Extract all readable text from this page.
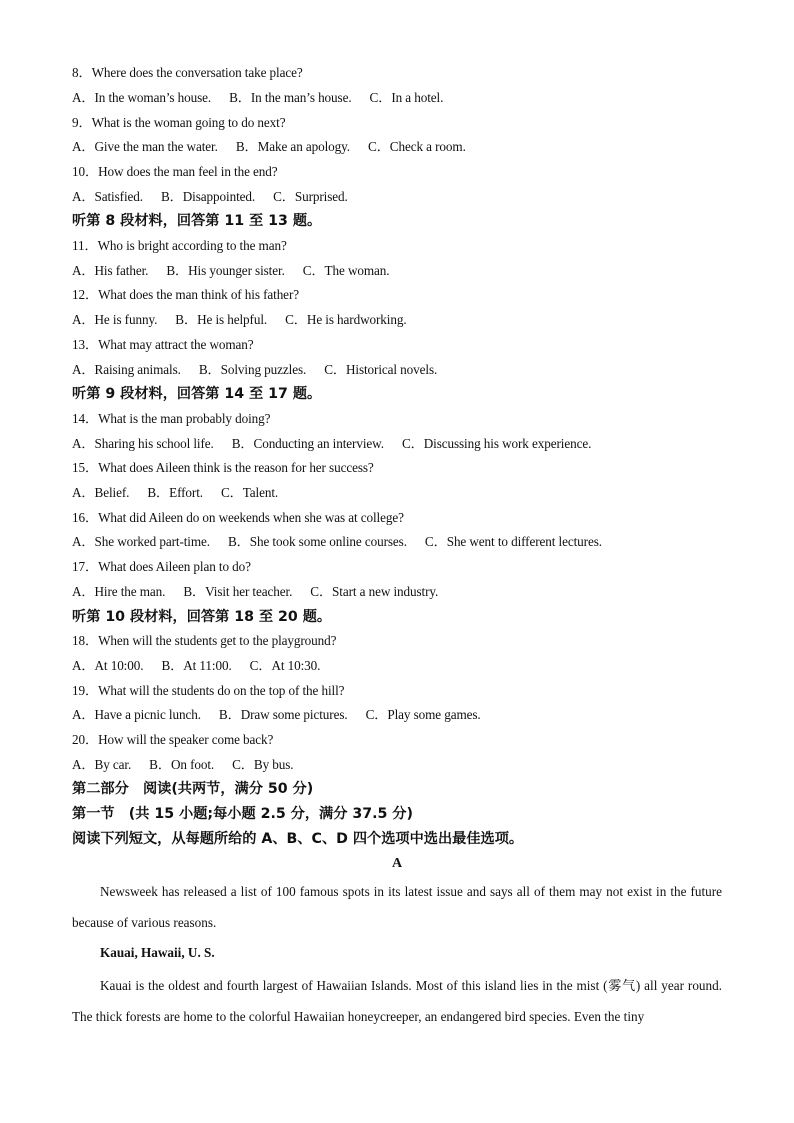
8．Where does the conversation take place?
A．In the woman’s house. B．In the man’s house. C．In a hotel.
9．What is the woman going to do next?
A．Give the man the water. B．Make an apology. C．Check a room.
10．How does the man feel in the end?
A．Satisfied. B．Disappointed. C．Surprised.
听第 8 段材料，回答第 11 至 13 题。
11．Who is bright according to the man?
A．His father. B．His younger sister. C．The woman.
12．What does the man think of his father?
A．He is funny. B．He is helpful. C．He is hardworking.
13．What may attract the woman?
A．Raising animals. B．Solving puzzles. C．Historical novels.
听第 9 段材料，回答第 14 至 17 题。
14．What is the man probably doing?
A．Sharing his school life. B．Conducting an interview. C．Discussing his work experience.
15．What does Aileen think is the reason for her success?
A．Belief. B．Effort. C．Talent.
16．What did Aileen do on weekends when she was at college?
A．She worked part-time. B．She took some online courses. C．She went to different lectures.
17．What does Aileen plan to do?
A．Hire the man. B．Visit her teacher. C．Start a new industry.
听第 10 段材料，回答第 18 至 20 题。
18．When will the students get to the playground?
A．At 10:00. B．At 11:00. C．At 10:30.
19．What will the students do on the top of the hill?
A．Have a picnic lunch. B．Draw some pictures. C．Play some games.
20．How will the speaker come back?
A．By car. B．On foot. C．By bus.
第二部分　阅读(共两节，满分 50 分)
第一节　(共 15 小题;每小题 2.5 分，满分 37.5 分)
阅读下列短文，从每题所给的 A、B、C、D 四个选项中选出最佳选项。
A
Newsweek has released a list of 100 famous spots in its latest issue and says all of them may not exist in the future because of various reasons.
Kauai, Hawaii, U. S.
Kauai is the oldest and fourth largest of Hawaiian Islands. Most of this island lies in the mist (雾气) all year round. The thick forests are home to the colorful Hawaiian honeycreeper, an endangered bird species. Even the tiny
